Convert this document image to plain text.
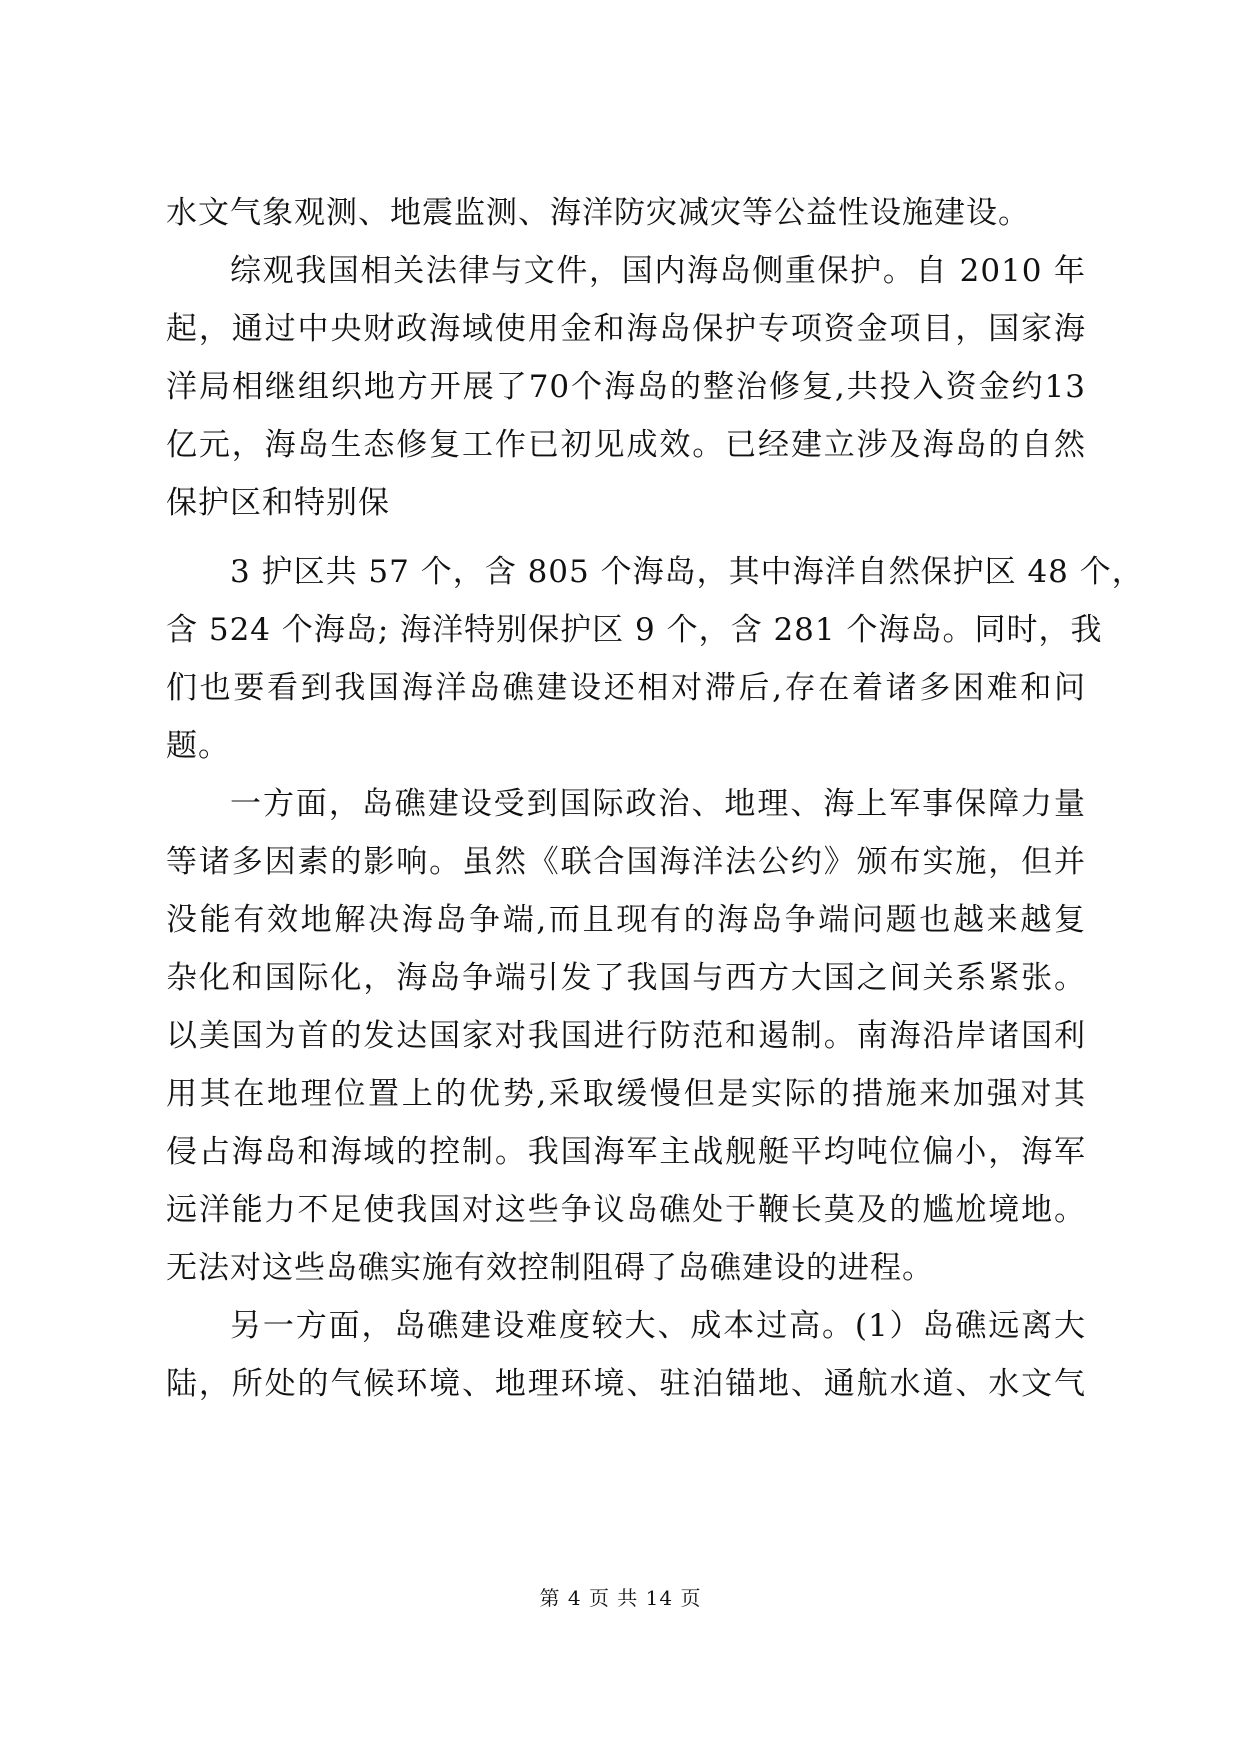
水文气象观测、地震监测、海洋防灾减灾等公益性设施建设。
综观我国相关法律与文件，国内海岛侧重保护。自 2010 年
起，通过中央财政海域使用金和海岛保护专项资金项目，国家海
洋局相继组织地方开展了70个海岛的整治修复,共投入资金约13
亿元，海岛生态修复工作已初见成效。已经建立涉及海岛的自然
保护区和特别保
3 护区共 57 个，含 805 个海岛，其中海洋自然保护区 48 个，
含 524 个海岛; 海洋特别保护区 9 个，含 281 个海岛。同时，我
们也要看到我国海洋岛礁建设还相对滞后,存在着诸多困难和问
题。
一方面，岛礁建设受到国际政治、地理、海上军事保障力量
等诸多因素的影响。虽然《联合国海洋法公约》颁布实施，但并
没能有效地解决海岛争端,而且现有的海岛争端问题也越来越复
杂化和国际化，海岛争端引发了我国与西方大国之间关系紧张。
以美国为首的发达国家对我国进行防范和遏制。南海沿岸诸国利
用其在地理位置上的优势,采取缓慢但是实际的措施来加强对其
侵占海岛和海域的控制。我国海军主战舰艇平均吨位偏小，海军
远洋能力不足使我国对这些争议岛礁处于鞭长莫及的尴尬境地。
无法对这些岛礁实施有效控制阻碍了岛礁建设的进程。
另一方面，岛礁建设难度较大、成本过高。(1）岛礁远离大
陆，所处的气候环境、地理环境、驻泊锚地、通航水道、水文气
第 4 页 共 14 页
